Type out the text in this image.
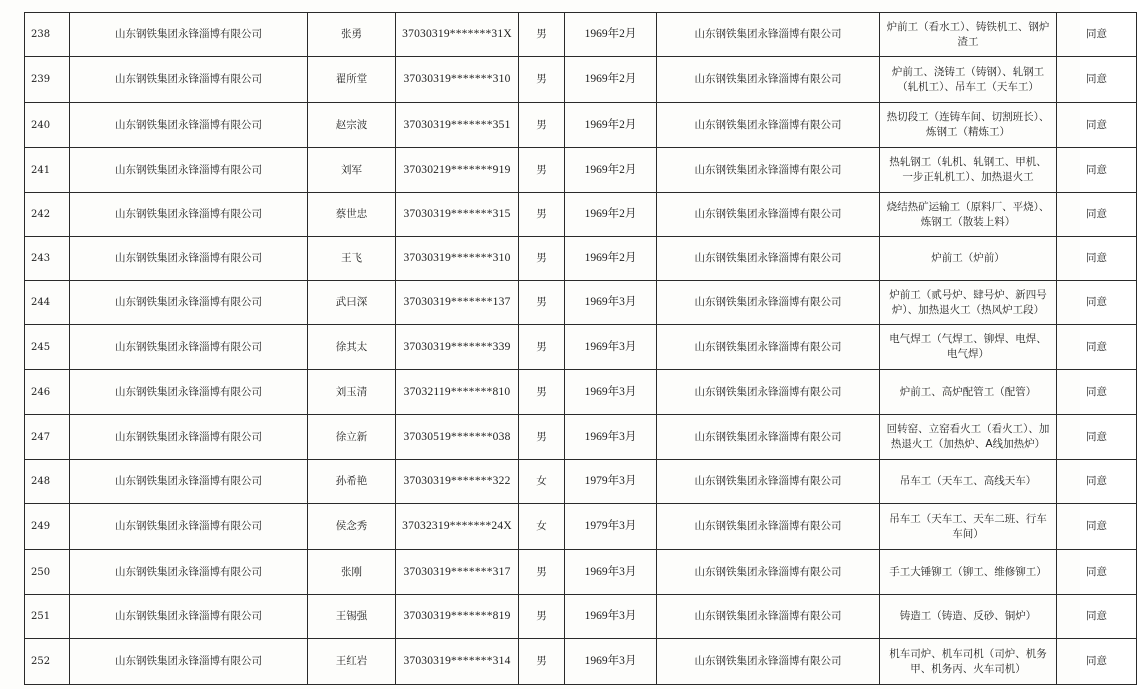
238	山东钢铁集团永锋淄博有限公司	张勇	37030319*******31X	男	1969年2月	山东钢铁集团永锋淄博有限公司	炉前工（看水工）、铸铁机工、钢炉渣工	同意
239	山东钢铁集团永锋淄博有限公司	翟所堂	37030319*******310	男	1969年2月	山东钢铁集团永锋淄博有限公司	炉前工、浇铸工（铸钢）、轧钢工（轧机工）、吊车工（天车工）	同意
240	山东钢铁集团永锋淄博有限公司	赵宗波	37030319*******351	男	1969年2月	山东钢铁集团永锋淄博有限公司	热切段工（连铸车间、切割班长）、炼钢工（精炼工）	同意
241	山东钢铁集团永锋淄博有限公司	刘军	37030219*******919	男	1969年2月	山东钢铁集团永锋淄博有限公司	热轧钢工（轧机、轧钢工、甲机、一步正轧机工）、加热退火工	同意
242	山东钢铁集团永锋淄博有限公司	蔡世忠	37030319*******315	男	1969年2月	山东钢铁集团永锋淄博有限公司	烧结热矿运输工（原料厂、平烧）、炼钢工（散装上料）	同意
243	山东钢铁集团永锋淄博有限公司	王飞	37030319*******310	男	1969年2月	山东钢铁集团永锋淄博有限公司	炉前工（炉前）	同意
244	山东钢铁集团永锋淄博有限公司	武曰深	37030319*******137	男	1969年3月	山东钢铁集团永锋淄博有限公司	炉前工（贰号炉、肆号炉、新四号炉）、加热退火工（热风炉工段）	同意
245	山东钢铁集团永锋淄博有限公司	徐其太	37030319*******339	男	1969年3月	山东钢铁集团永锋淄博有限公司	电气焊工（气焊工、铆焊、电焊、电气焊）	同意
246	山东钢铁集团永锋淄博有限公司	刘玉清	37032119*******810	男	1969年3月	山东钢铁集团永锋淄博有限公司	炉前工、高炉配管工（配管）	同意
247	山东钢铁集团永锋淄博有限公司	徐立新	37030519*******038	男	1969年3月	山东钢铁集团永锋淄博有限公司	回转窑、立窑看火工（看火工）、加热退火工（加热炉、A线加热炉）	同意
248	山东钢铁集团永锋淄博有限公司	孙希艳	37030319*******322	女	1979年3月	山东钢铁集团永锋淄博有限公司	吊车工（天车工、高线天车）	同意
249	山东钢铁集团永锋淄博有限公司	侯念秀	37032319*******24X	女	1979年3月	山东钢铁集团永锋淄博有限公司	吊车工（天车工、天车二班、行车车间）	同意
250	山东钢铁集团永锋淄博有限公司	张刚	37030319*******317	男	1969年3月	山东钢铁集团永锋淄博有限公司	手工大锤铆工（铆工、维修铆工）	同意
251	山东钢铁集团永锋淄博有限公司	王锡强	37030319*******819	男	1969年3月	山东钢铁集团永锋淄博有限公司	铸造工（铸造、反砂、铜炉）	同意
252	山东钢铁集团永锋淄博有限公司	王红岩	37030319*******314	男	1969年3月	山东钢铁集团永锋淄博有限公司	机车司炉、机车司机（司炉、机务甲、机务丙、火车司机）	同意
